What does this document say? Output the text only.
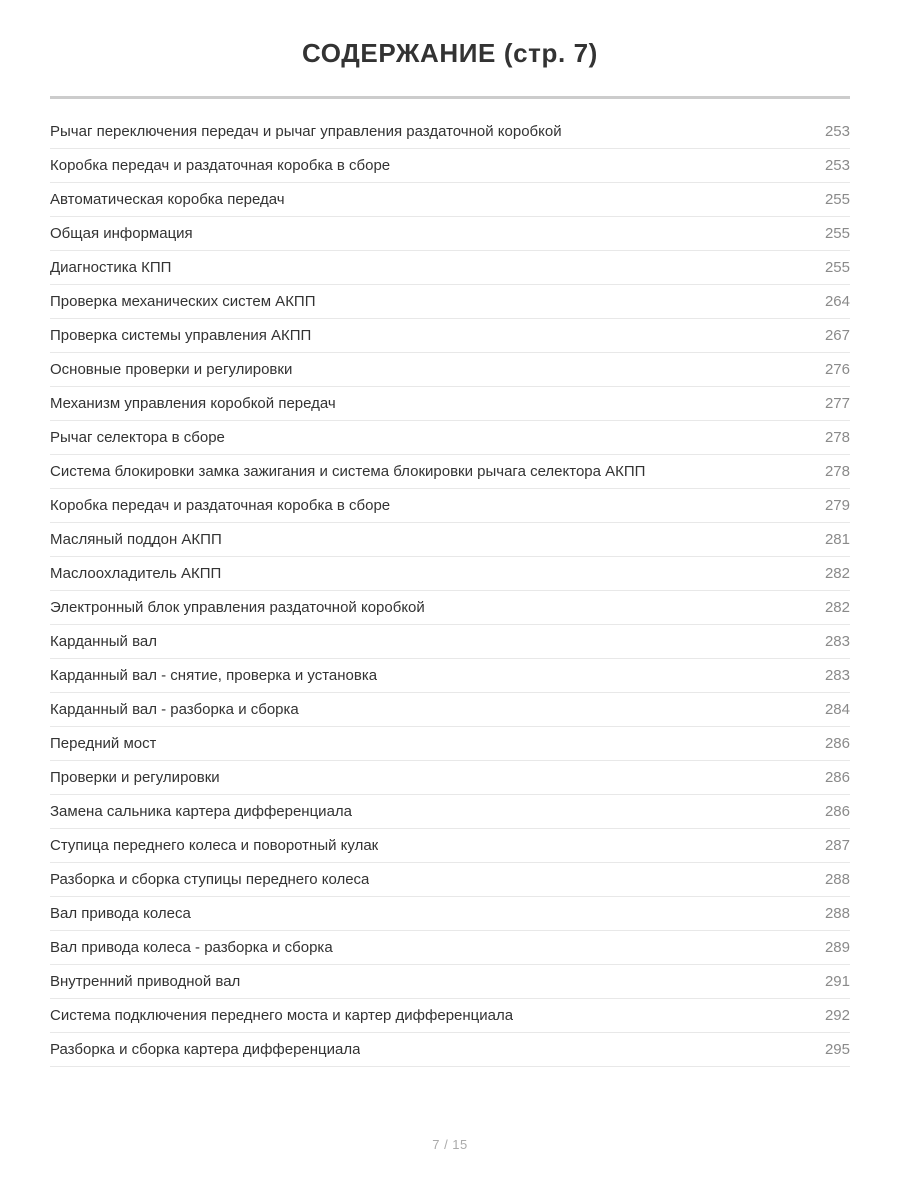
СОДЕРЖАНИЕ (стр. 7)
Рычаг переключения передач и рычаг управления раздаточной коробкой	253
Коробка передач и раздаточная коробка в сборе	253
Автоматическая коробка передач	255
Общая информация	255
Диагностика КПП	255
Проверка механических систем АКПП	264
Проверка системы управления АКПП	267
Основные проверки и регулировки	276
Механизм управления коробкой передач	277
Рычаг селектора в сборе	278
Система блокировки замка зажигания и система блокировки рычага селектора АКПП	278
Коробка передач и раздаточная коробка в сборе	279
Масляный поддон АКПП	281
Маслоохладитель АКПП	282
Электронный блок управления раздаточной коробкой	282
Карданный вал	283
Карданный вал - снятие, проверка и установка	283
Карданный вал - разборка и сборка	284
Передний мост	286
Проверки и регулировки	286
Замена сальника картера дифференциала	286
Ступица переднего колеса и поворотный кулак	287
Разборка и сборка ступицы переднего колеса	288
Вал привода колеса	288
Вал привода колеса - разборка и сборка	289
Внутренний приводной вал	291
Система подключения переднего моста и картер дифференциала	292
Разборка и сборка картера дифференциала	295
7 / 15
